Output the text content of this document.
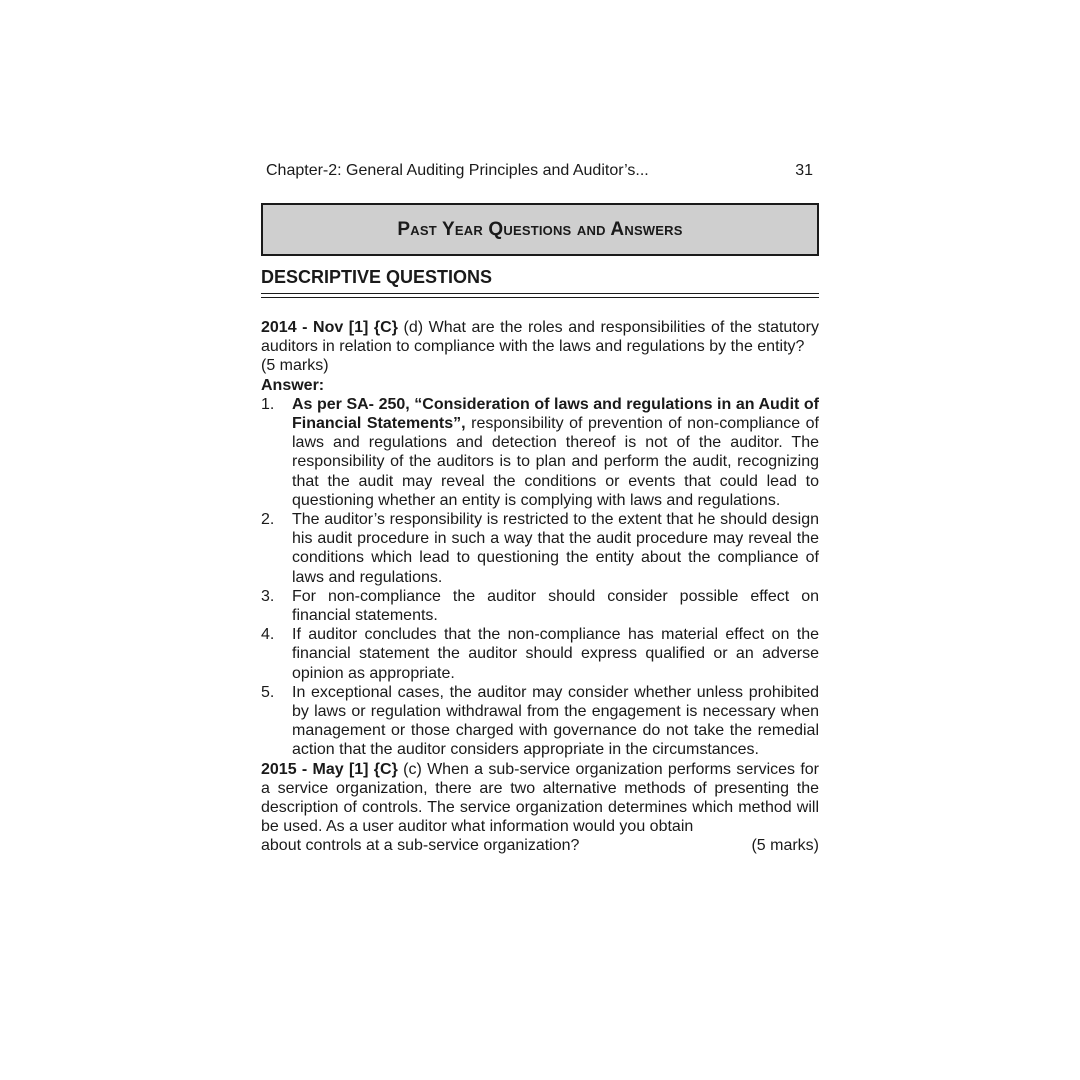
Chapter-2: General Auditing Principles and Auditor’s...	31
Past Year Questions and Answers
DESCRIPTIVE QUESTIONS

2014 - Nov [1] {C} (d) What are the roles and responsibilities of the statutory auditors in relation to compliance with the laws and regulations by the entity?

(5 marks)

Answer:

1.	As per SA- 250, “Consideration of laws and regulations in an Audit of Financial Statements”, responsibility of prevention of non-compliance of laws and regulations and detection thereof is not of the auditor. The responsibility of the auditors is to plan and perform the audit, recognizing that the audit may reveal the conditions or events that could lead to questioning whether an entity is complying with laws and regulations.
2.	The auditor’s responsibility is restricted to the extent that he should design his audit procedure in such a way that the audit procedure may reveal the conditions which lead to questioning the entity about the compliance of laws and regulations.
3.	For non-compliance the auditor should consider possible effect on financial statements.
4.	If auditor concludes that the non-compliance has material effect on the financial statement the auditor should express qualified or an adverse opinion as appropriate.
5.	In exceptional cases, the auditor may consider whether unless prohibited by laws or regulation withdrawal from the engagement is necessary when management or those charged with governance do not take the remedial action that the auditor considers appropriate in the circumstances.

2015 - May [1] {C} (c) When a sub-service organization performs services for a service organization, there are two alternative methods of presenting the description of controls. The service organization determines which method will be used. As a user auditor what information would you obtain

about controls at a sub-service organization?	(5 marks)
